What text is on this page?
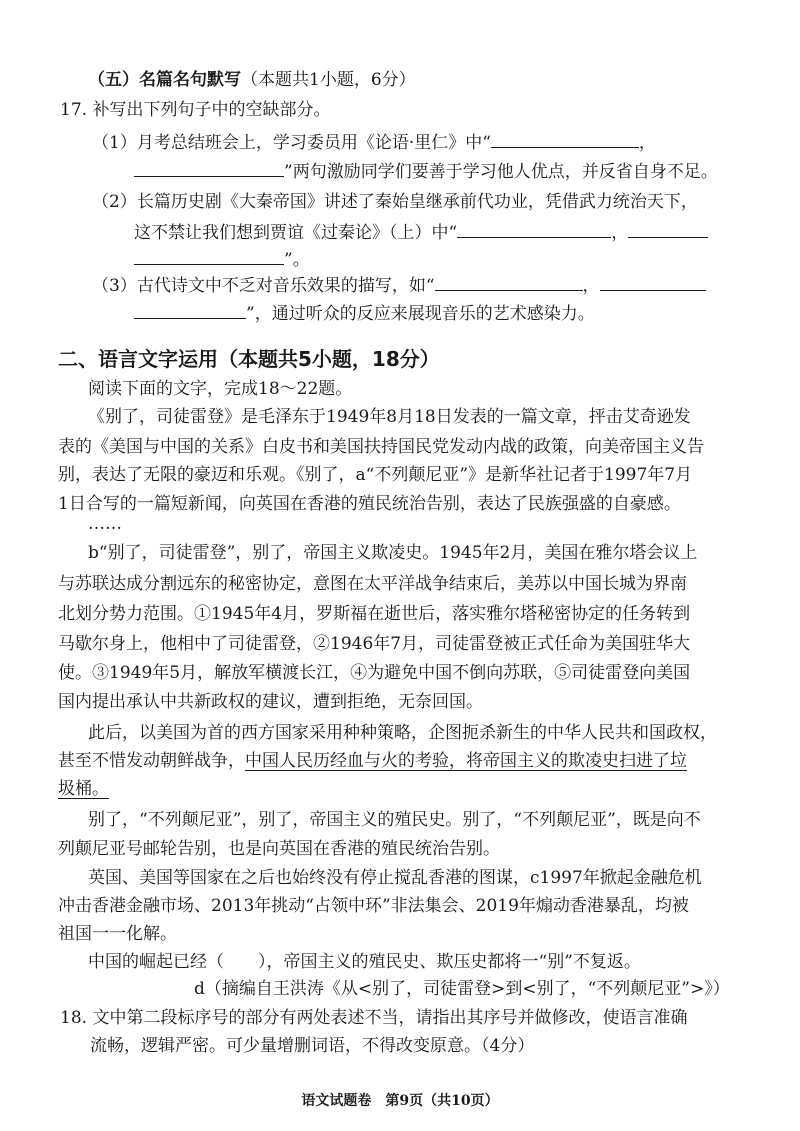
（五）名篇名句默写（本题共1小题，6分）
17. 补写出下列句子中的空缺部分。
（1）月考总结班会上，学习委员用《论语·里仁》中“	，
”两句激励同学们要善于学习他人优点，并反省自身不足。
（2）长篇历史剧《大秦帝国》讲述了秦始皇继承前代功业，凭借武力统治天下，
这不禁让我们想到贾谊《过秦论》（上）中“	，
”。
（3）古代诗文中不乏对音乐效果的描写，如“	，
”，通过听众的反应来展现音乐的艺术感染力。
二、语言文字运用（本题共5小题，18分）
阅读下面的文字，完成18～22题。
《别了，司徒雷登》是毛泽东于1949年8月18日发表的一篇文章，抨击艾奇逊发
表的《美国与中国的关系》白皮书和美国扶持国民党发动内战的政策，向美帝国主义告
别，表达了无限的豪迈和乐观。《别了，a“不列颠尼亚”》是新华社记者于1997年7月
1日合写的一篇短新闻，向英国在香港的殖民统治告别，表达了民族强盛的自豪感。
……
b“别了，司徒雷登”，别了，帝国主义欺凌史。1945年2月，美国在雅尔塔会议上
与苏联达成分割远东的秘密协定，意图在太平洋战争结束后，美苏以中国长城为界南
北划分势力范围。①1945年4月，罗斯福在逝世后，落实雅尔塔秘密协定的任务转到
马歇尔身上，他相中了司徒雷登，②1946年7月，司徒雷登被正式任命为美国驻华大
使。③1949年5月，解放军横渡长江，④为避免中国不倒向苏联，⑤司徒雷登向美国
国内提出承认中共新政权的建议，遭到拒绝，无奈回国。
此后，以美国为首的西方国家采用种种策略，企图扼杀新生的中华人民共和国政权，
甚至不惜发动朝鲜战争，中国人民历经血与火的考验，将帝国主义的欺凌史扫进了垃
圾桶。
别了，“不列颠尼亚”，别了，帝国主义的殖民史。别了，“不列颠尼亚”，既是向不
列颠尼亚号邮轮告别，也是向英国在香港的殖民统治告别。
英国、美国等国家在之后也始终没有停止搅乱香港的图谋，c1997年掀起金融危机
冲击香港金融市场、2013年挑动“占领中环”非法集会、2019年煽动香港暴乱，均被
祖国一一化解。
中国的崛起已经（　　），帝国主义的殖民史、欺压史都将一“别”不复返。
d（摘编自王洪涛《从<别了，司徒雷登>到<别了，“不列颠尼亚”>》）
18. 文中第二段标序号的部分有两处表述不当，请指出其序号并做修改，使语言准确
流畅，逻辑严密。可少量增删词语，不得改变原意。（4分）
语文试题卷　第9页（共10页）
